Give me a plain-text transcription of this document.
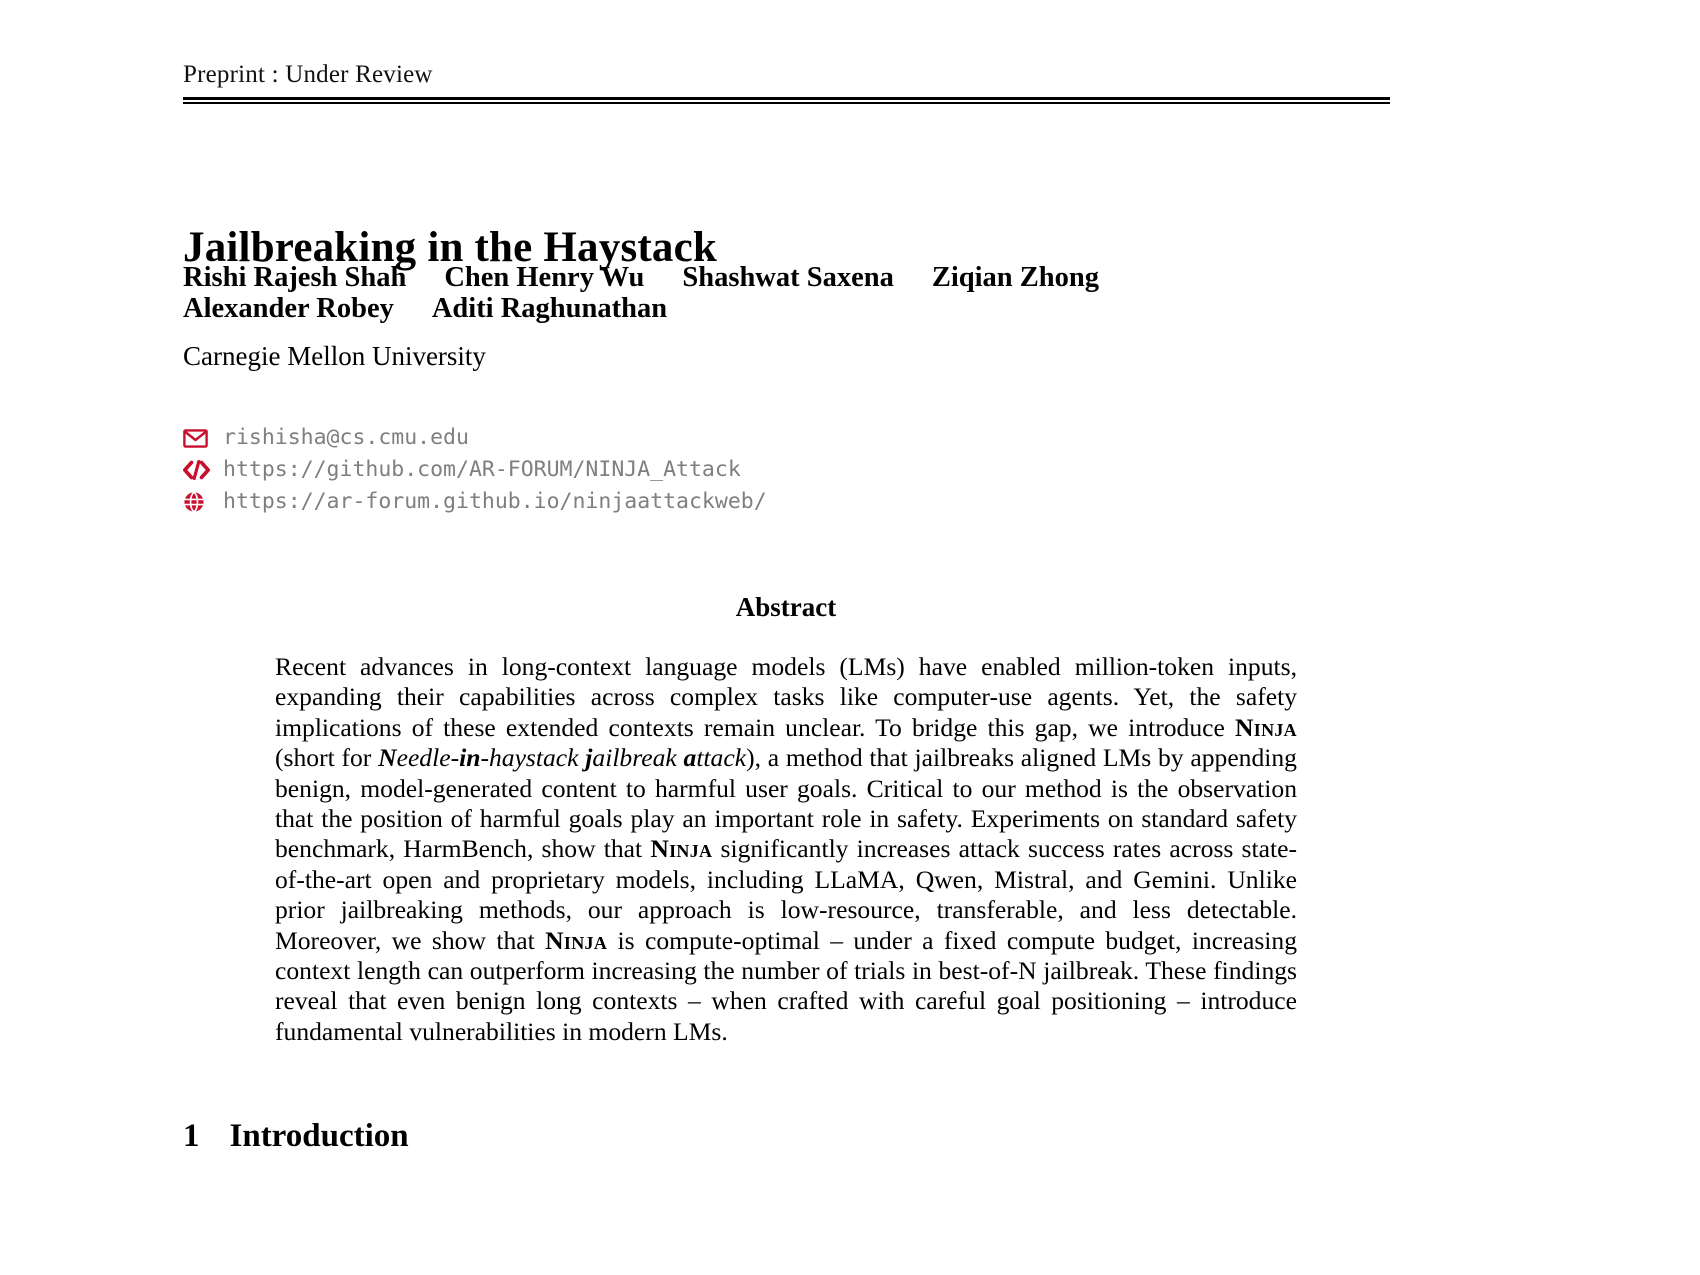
Preprint : Under Review
Jailbreaking in the Haystack
Rishi Rajesh Shah Chen Henry Wu Shashwat Saxena Ziqian Zhong
Alexander Robey Aditi Raghunathan
Carnegie Mellon University
rishisha@cs.cmu.edu
https://github.com/AR-FORUM/NINJA_Attack
https://ar-forum.github.io/ninjaattackweb/
Abstract
Recent advances in long-context language models (LMs) have enabled million-token inputs, expanding their capabilities across complex tasks like computer-use agents. Yet, the safety implications of these extended contexts remain unclear. To bridge this gap, we introduce Ninja (short for Needle-in-haystack jailbreak attack), a method that jailbreaks aligned LMs by appending benign, model-generated content to harmful user goals. Critical to our method is the observation that the position of harmful goals play an important role in safety. Experiments on standard safety benchmark, HarmBench, show that Ninja significantly increases attack success rates across state-of-the-art open and proprietary models, including LLaMA, Qwen, Mistral, and Gemini. Unlike prior jailbreaking methods, our approach is low-resource, transferable, and less detectable. Moreover, we show that Ninja is compute-optimal – under a fixed compute budget, increasing context length can outperform increasing the number of trials in best-of-N jailbreak. These findings reveal that even benign long contexts – when crafted with careful goal positioning – introduce fundamental vulnerabilities in modern LMs.
1 Introduction
